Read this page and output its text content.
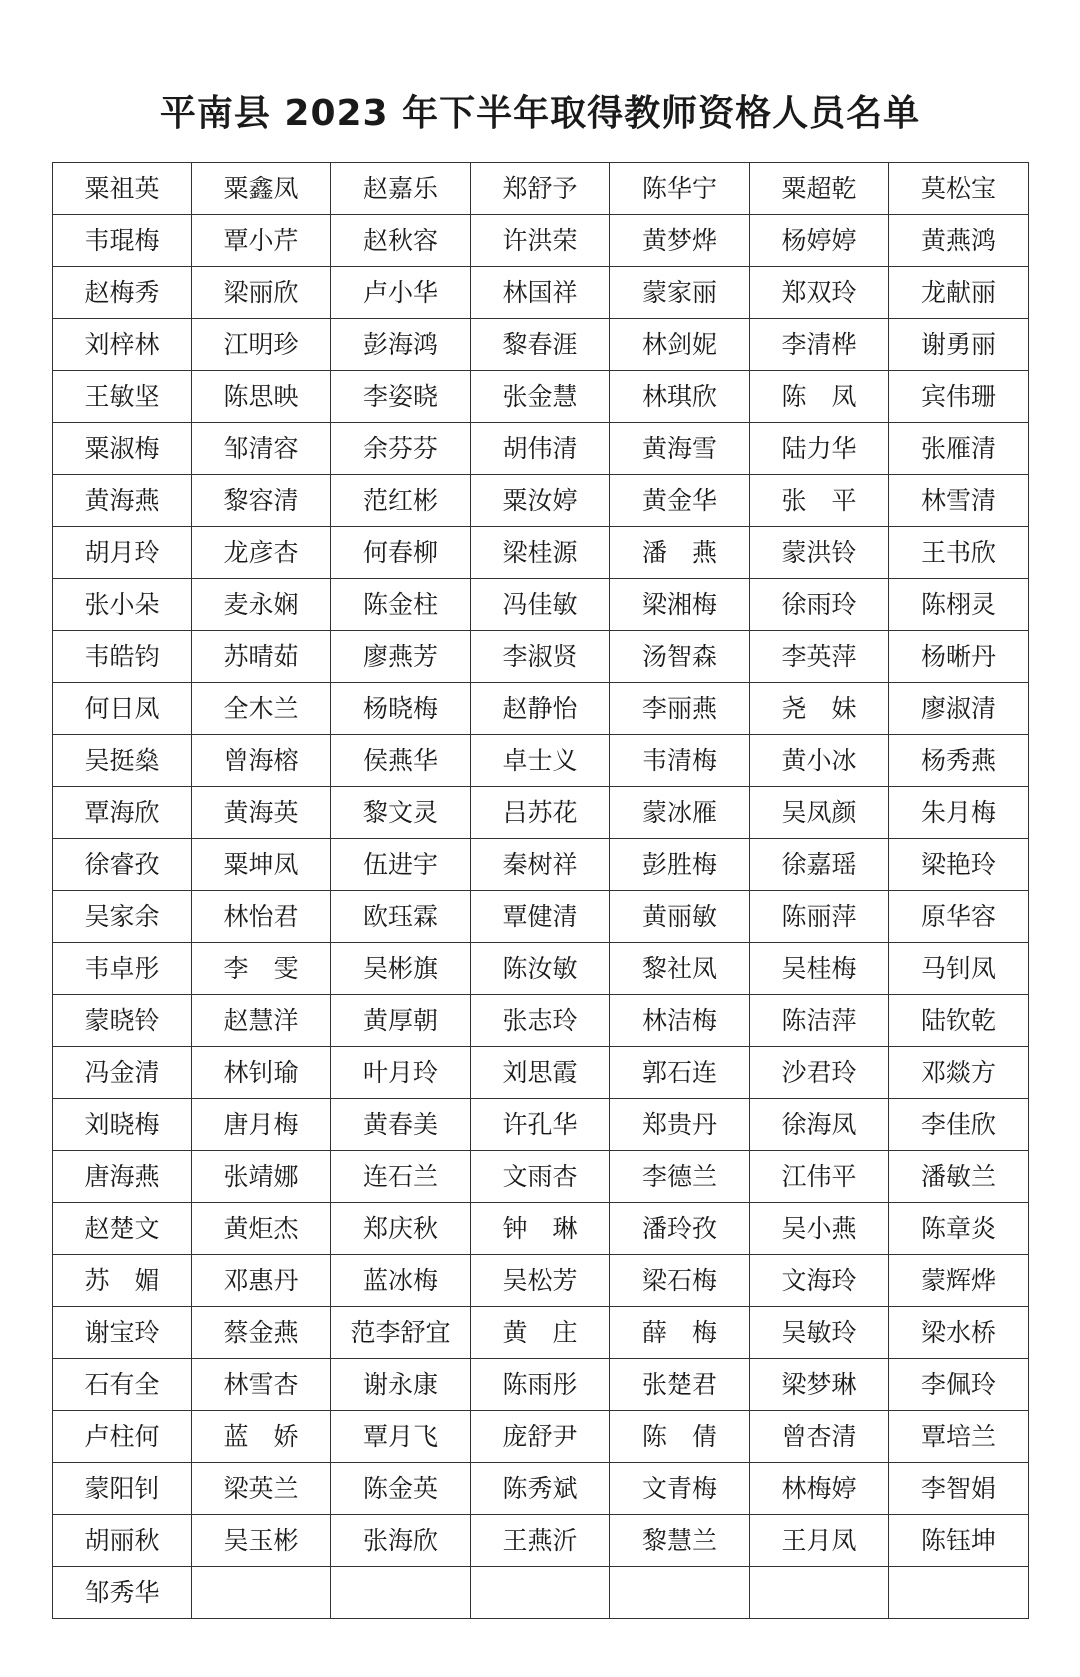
平南县 2023 年下半年取得教师资格人员名单
粟祖英	粟鑫凤	赵嘉乐	郑舒予	陈华宁	粟超乾	莫松宝
韦琨梅	覃小芹	赵秋容	许洪荣	黄梦烨	杨婷婷	黄燕鸿
赵梅秀	梁丽欣	卢小华	林国祥	蒙家丽	郑双玲	龙献丽
刘梓林	江明珍	彭海鸿	黎春涯	林剑妮	李清桦	谢勇丽
王敏坚	陈思映	李姿晓	张金慧	林琪欣	陈　凤	宾伟珊
粟淑梅	邹清容	余芬芬	胡伟清	黄海雪	陆力华	张雁清
黄海燕	黎容清	范红彬	粟汝婷	黄金华	张　平	林雪清
胡月玲	龙彦杏	何春柳	梁桂源	潘　燕	蒙洪铃	王书欣
张小朵	麦永娴	陈金柱	冯佳敏	梁湘梅	徐雨玲	陈栩灵
韦皓钧	苏晴茹	廖燕芳	李淑贤	汤智森	李英萍	杨晰丹
何日凤	全木兰	杨晓梅	赵静怡	李丽燕	尧　妹	廖淑清
吴挺燊	曾海榕	侯燕华	卓士义	韦清梅	黄小冰	杨秀燕
覃海欣	黄海英	黎文灵	吕苏花	蒙冰雁	吴凤颜	朱月梅
徐睿孜	粟坤凤	伍进宇	秦树祥	彭胜梅	徐嘉瑶	梁艳玲
吴家余	林怡君	欧珏霖	覃健清	黄丽敏	陈丽萍	原华容
韦卓彤	李　雯	吴彬旗	陈汝敏	黎社凤	吴桂梅	马钊凤
蒙晓铃	赵慧洋	黄厚朝	张志玲	林洁梅	陈洁萍	陆钦乾
冯金清	林钊瑜	叶月玲	刘思霞	郭石连	沙君玲	邓燚方
刘晓梅	唐月梅	黄春美	许孔华	郑贵丹	徐海凤	李佳欣
唐海燕	张靖娜	连石兰	文雨杏	李德兰	江伟平	潘敏兰
赵楚文	黄炬杰	郑庆秋	钟　琳	潘玲孜	吴小燕	陈章炎
苏　媚	邓惠丹	蓝冰梅	吴松芳	梁石梅	文海玲	蒙辉烨
谢宝玲	蔡金燕	范李舒宜	黄　庄	薛　梅	吴敏玲	梁水桥
石有全	林雪杏	谢永康	陈雨彤	张楚君	梁梦琳	李佩玲
卢柱何	蓝　娇	覃月飞	庞舒尹	陈　倩	曾杏清	覃培兰
蒙阳钊	梁英兰	陈金英	陈秀斌	文青梅	林梅婷	李智娟
胡丽秋	吴玉彬	张海欣	王燕沂	黎慧兰	王月凤	陈钰坤
邹秀华						
